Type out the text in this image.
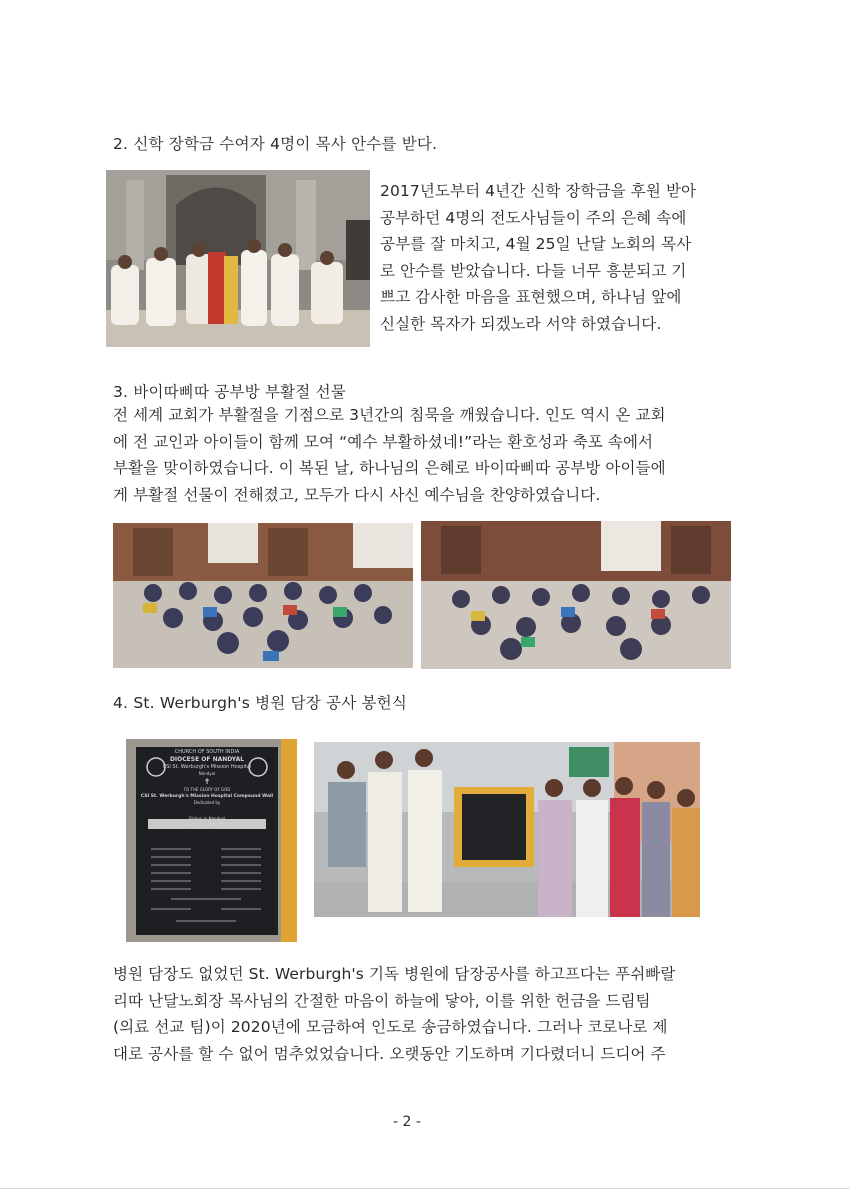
2. 신학 장학금 수여자 4명이 목사 안수를 받다.
2017년도부터 4년간 신학 장학금을 후원 받아
공부하던 4명의 전도사님들이 주의 은혜 속에
공부를 잘 마치고, 4월 25일 난달 노회의 목사
로 안수를 받았습니다. 다들 너무 흥분되고 기
쁘고 감사한 마음을 표현했으며, 하나님 앞에
신실한 목자가 되겠노라 서약 하였습니다.
3. 바이따삐따 공부방 부활절 선물
전 세계 교회가 부활절을 기점으로 3년간의 침묵을 깨웠습니다. 인도 역시 온 교회
에 전 교인과 아이들이 함께 모여 “예수 부활하셨네!”라는 환호성과 축포 속에서
부활을 맞이하였습니다. 이 복된 날, 하나님의 은혜로 바이따삐따 공부방 아이들에
게 부활절 선물이 전해졌고, 모두가 다시 사신 예수님을 찬양하였습니다.
4. St. Werburgh's 병원 담장 공사 봉헌식
CHURCH OF SOUTH INDIA
DIOCESE OF NANDYAL
CSI St. Werburgh's Mission Hospital
Nandyal
✝
TO THE GLORY OF GOD
CSI St. Werburgh's Mission Hospital Compound Wall
Dedicated by
The Rt. Rev. Dr. E. Pushpalalitha
Bishop in Nandyal
on Sunday the 29th May 2022
병원 담장도 없었던 St. Werburgh's 기독 병원에 담장공사를 하고프다는 푸쉬빠랄
리따 난달노회장 목사님의 간절한 마음이 하늘에 닿아, 이를 위한 헌금을 드림팀
(의료 선교 팀)이 2020년에 모금하여 인도로 송금하였습니다. 그러나 코로나로 제
대로 공사를 할 수 없어 멈추었었습니다. 오랫동안 기도하며 기다렸더니 드디어 주
- 2 -
